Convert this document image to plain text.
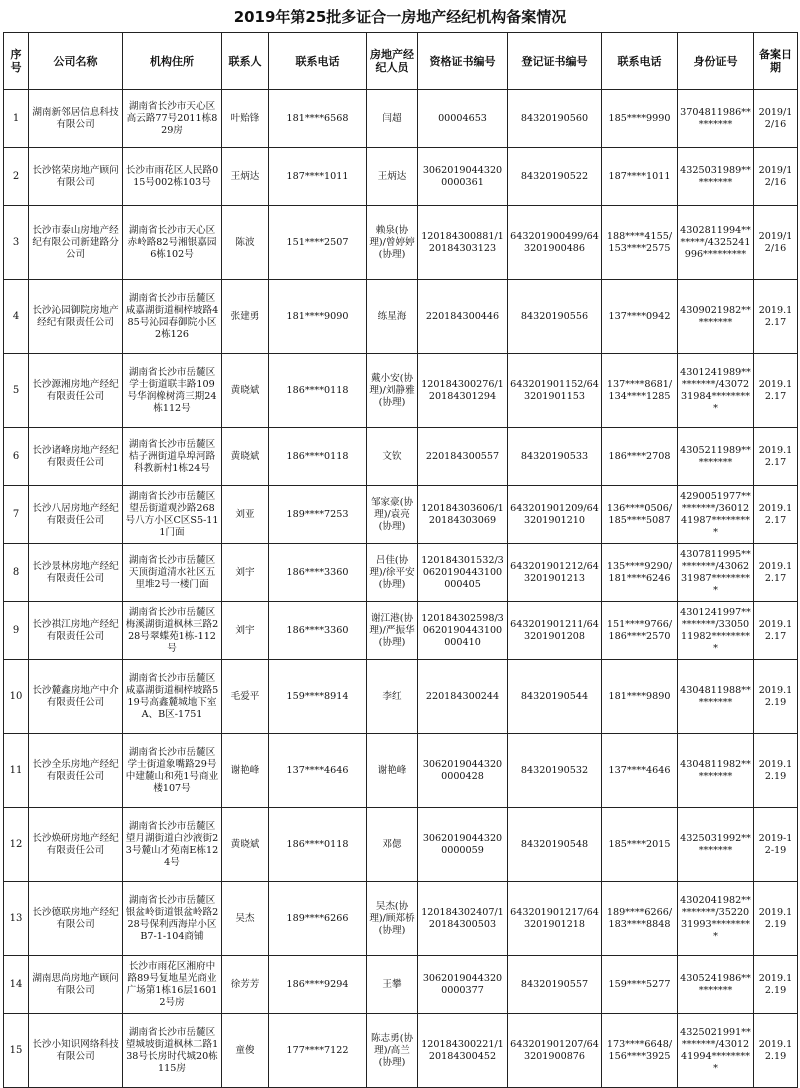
2019年第25批多证合一房地产经纪机构备案情况
序号	公司名称	机构住所	联系人	联系电话	房地产经纪人员	资格证书编号	登记证书编号	联系电话	身份证号	备案日期
1	湖南新邻居信息科技有限公司	湖南省长沙市天心区高云路77号2011栋829房	叶贻锋	181****6568	闫超	00004653	84320190560	185****9990	3704811986*********	2019/12/16
2	长沙铭荣房地产顾问有限公司	长沙市雨花区人民路015号002栋103号	王炳达	187****1011	王炳达	30620190443200000361	84320190522	187****1011	4325031989*********	2019/12/16
3	长沙市泰山房地产经纪有限公司新建路分公司	湖南省长沙市天心区赤岭路82号湘银嘉园6栋102号	陈波	151****2507	赖泉(协理)/曾婷婷(协理)	120184300881/120184303123	643201900499/643201900486	188****4155/153****2575	4302811994*******/4325241996*********	2019/12/16
4	长沙沁园御院房地产经纪有限责任公司	湖南省长沙市岳麓区咸嘉湖街道桐梓坡路485号沁园春御院小区2栋126	张建勇	181****9090	练星海	220184300446	84320190556	137****0942	4309021982*********	2019.12.17
5	长沙源湘房地产经纪有限责任公司	湖南省长沙市岳麓区学士街道联丰路109号华润橡树湾三期24栋112号	黄晓斌	186****0118	戴小安(协理)/刘静雅(协理)	120184300276/120184301294	643201901152/643201901153	137****8681/134****1285	4301241989*********/4307231984*********	2019.12.17
6	长沙诸峰房地产经纪有限责任公司	湖南省长沙市岳麓区桔子洲街道阜埠河路科教新村1栋24号	黄晓斌	186****0118	文钦	220184300557	84320190533	186****2708	4305211989*********	2019.12.17
7	长沙八居房地产经纪有限责任公司	湖南省长沙市岳麓区望岳街道观沙路268号八方小区C区S5-111门面	刘亚	189****7253	邹家豪(协理)/袁亮(协理)	120184303606/120184303069	643201901209/643201901210	136****0506/185****5087	4290051977*********/3601241987*********	2019.12.17
8	长沙景林房地产经纪有限责任公司	湖南省长沙市岳麓区天顶街道清水社区五里堆2号一楼门面	刘宇	186****3360	吕佳(协理)/徐平安(协理)	120184301532/30620190443100000405	643201901212/643201901213	135****9290/181****6246	4307811995*********/4306231987*********	2019.12.17
9	长沙祺江房地产经纪有限责任公司	湖南省长沙市岳麓区梅溪湖街道枫林三路228号翠蝶苑1栋-112号	刘宇	186****3360	谢江港(协理)/严振华(协理)	120184302598/30620190443100000410	643201901211/643201901208	151****9766/186****2570	4301241997*********/3305011982*********	2019.12.17
10	长沙麓鑫房地产中介有限责任公司	湖南省长沙市岳麓区咸嘉湖街道桐梓坡路519号高鑫麓城地下室A、B区-1751	毛爱平	159****8914	李红	220184300244	84320190544	181****9890	4304811988*********	2019.12.19
11	长沙全乐房地产经纪有限责任公司	湖南省长沙市岳麓区学士街道象嘴路29号中建麓山和苑1号商业楼107号	谢艳峰	137****4646	谢艳峰	30620190443200000428	84320190532	137****4646	4304811982*********	2019.12.19
12	长沙焕研房地产经纪有限责任公司	湖南省长沙市岳麓区望月湖街道白沙液街23号麓山才苑南E栋124号	黄晓斌	186****0118	邓偲	30620190443200000059	84320190548	185****2015	4325031992*********	2019-12-19
13	长沙德联房地产经纪有限公司	湖南省长沙市岳麓区银盆岭街道银盆岭路228号保利西海岸小区B7-1-104商铺	吴杰	189****6266	吴杰(协理)/顾郑桥(协理)	120184302407/120184300503	643201901217/643201901218	189****6266/183****8848	4302041982*********/3522031993*********	2019.12.19
14	湖南思尚房地产顾问有限公司	长沙市雨花区湘府中路89号复地星光商业广场第1栋16层16012号房	徐芳芳	186****9294	王攀	30620190443200000377	84320190557	159****5277	4305241986*********	2019.12.19
15	长沙小知识网络科技有限公司	湖南省长沙市岳麓区望城坡街道枫林二路138号长房时代城20栋115房	童俊	177****7122	陈志勇(协理)/高兰(协理)	120184300221/120184300452	643201901207/643201900876	173****6648/156****3925	4325021991*********/4301241994*********	2019.12.19
